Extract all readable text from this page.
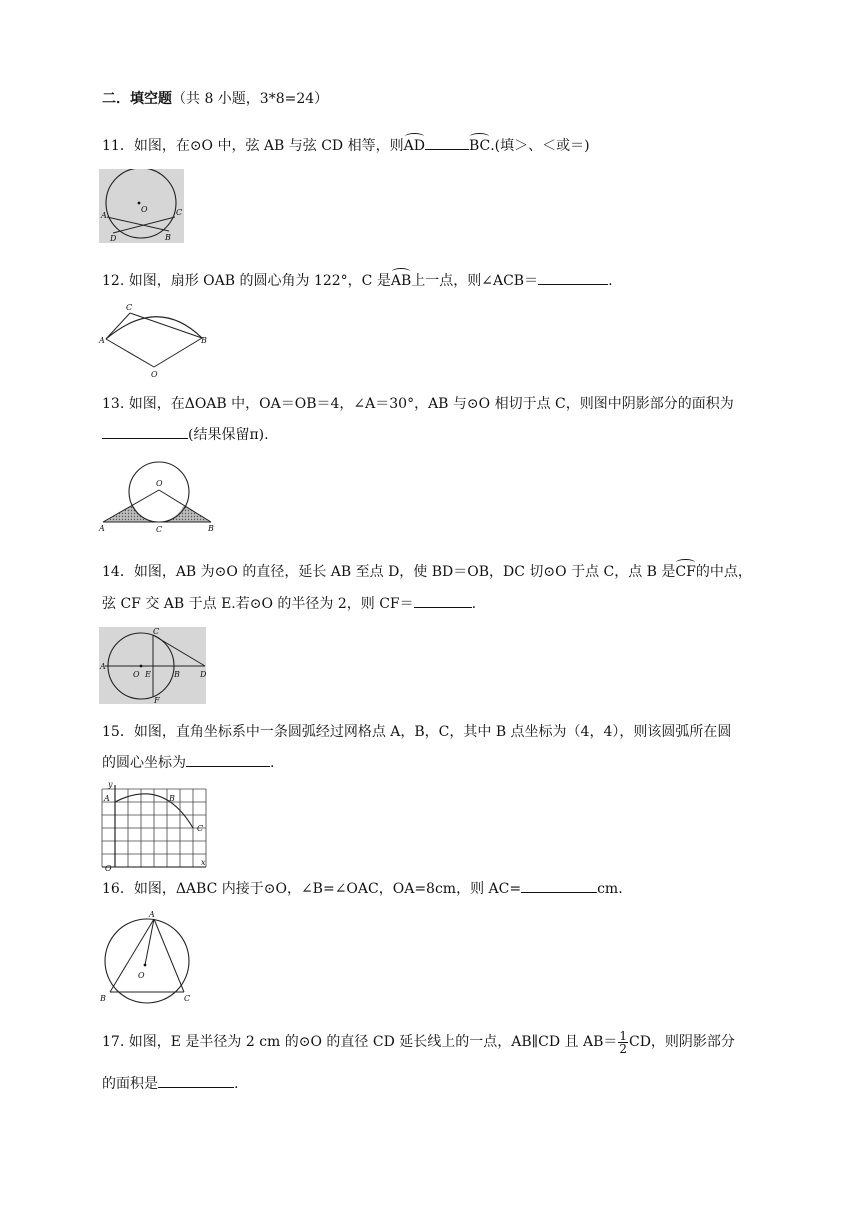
二．填空题（共 8 小题，3*8=24）
11．如图，在⊙O 中，弦 AB 与弦 CD 相等，则AD	BC.(填＞、＜或＝)
A
B
C
D
O
12. 如图，扇形 OAB 的圆心角为 122°，C 是AB上一点，则∠ACB＝	.
A	B
C
O
13. 如图，在ΔOAB 中，OA＝OB＝4，∠A＝30°，AB 与⊙O 相切于点 C，则图中阴影部分的面积为
(结果保留π).
A	B
C
O
14．如图，AB 为⊙O 的直径，延长 AB 至点 D，使 BD＝OB，DC 切⊙O 于点 C，点 B 是CF的中点，
弦 CF 交 AB 于点 E.若⊙O 的半径为 2，则 CF＝	.
A
B
C
D
E
F
O
15．如图，直角坐标系中一条圆弧经过网格点 A，B，C，其中 B 点坐标为（4，4），则该圆弧所在圆
的圆心坐标为	.
y
x
A	B
C
O
16．如图，ΔABC 内接于⊙O，∠B=∠OAC，OA=8cm，则 AC=	cm.
A
B	C
O
17. 如图，E 是半径为 2 cm 的⊙O 的直径 CD 延长线上的一点，AB∥CD 且 $AB= \frac{1}{2}$ CD，则阴影部分
的面积是	.
